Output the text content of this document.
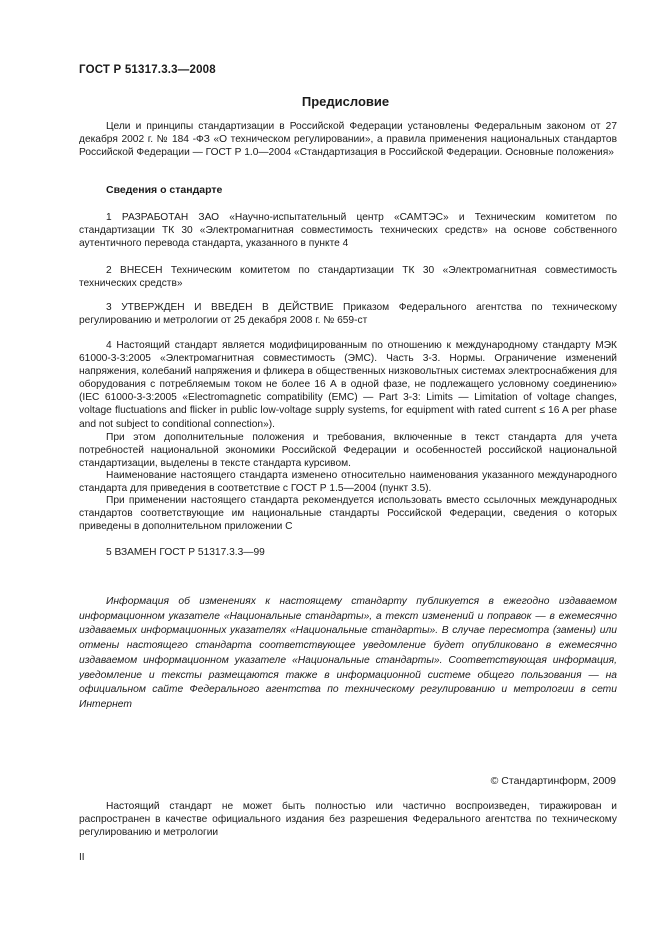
ГОСТ Р 51317.3.3—2008
Предисловие

Цели и принципы стандартизации в Российской Федерации установлены Федеральным законом от 27 декабря 2002 г. № 184 -ФЗ «О техническом регулировании», а правила применения национальных стандартов Российской Федерации — ГОСТ Р 1.0—2004 «Стандартизация в Российской Федерации. Основные положения»

Сведения о стандарте

1 РАЗРАБОТАН ЗАО «Научно-испытательный центр «САМТЭС» и Техническим комитетом по стандартизации ТК 30 «Электромагнитная совместимость технических средств» на основе собственного аутентичного перевода стандарта, указанного в пункте 4

2 ВНЕСЕН Техническим комитетом по стандартизации ТК 30 «Электромагнитная совместимость технических средств»

3 УТВЕРЖДЕН И ВВЕДЕН В ДЕЙСТВИЕ Приказом Федерального агентства по техническому регулированию и метрологии от 25 декабря 2008 г. № 659-ст

4 Настоящий стандарт является модифицированным по отношению к международному стандарту МЭК 61000-3-3:2005 «Электромагнитная совместимость (ЭМС). Часть 3-3. Нормы. Ограничение изменений напряжения, колебаний напряжения и фликера в общественных низковольтных системах электроснабжения для оборудования с потребляемым током не более 16 А в одной фазе, не подлежащего условному соединению» (IEC 61000-3-3:2005 «Electromagnetic compatibility (EMC) — Part 3-3: Limits — Limitation of voltage changes, voltage fluctuations and flicker in public low-voltage supply systems, for equipment with rated current ≤ 16 A per phase and not subject to conditional connection»).

При этом дополнительные положения и требования, включенные в текст стандарта для учета потребностей национальной экономики Российской Федерации и особенностей российской национальной стандартизации, выделены в тексте стандарта курсивом.

Наименование настоящего стандарта изменено относительно наименования указанного международного стандарта для приведения в соответствие с ГОСТ Р 1.5—2004 (пункт 3.5).

При применении настоящего стандарта рекомендуется использовать вместо ссылочных международных стандартов соответствующие им национальные стандарты Российской Федерации, сведения о которых приведены в дополнительном приложении С

5 ВЗАМЕН ГОСТ Р 51317.3.3—99

Информация об изменениях к настоящему стандарту публикуется в ежегодно издаваемом информационном указателе «Национальные стандарты», а текст изменений и поправок — в ежемесячно издаваемых информационных указателях «Национальные стандарты». В случае пересмотра (замены) или отмены настоящего стандарта соответствующее уведомление будет опубликовано в ежемесячно издаваемом информационном указателе «Национальные стандарты». Соответствующая информация, уведомление и тексты размещаются также в информационной системе общего пользования — на официальном сайте Федерального агентства по техническому регулированию и метрологии в сети Интернет

© Стандартинформ, 2009

Настоящий стандарт не может быть полностью или частично воспроизведен, тиражирован и распространен в качестве официального издания без разрешения Федерального агентства по техническому регулированию и метрологии

II
